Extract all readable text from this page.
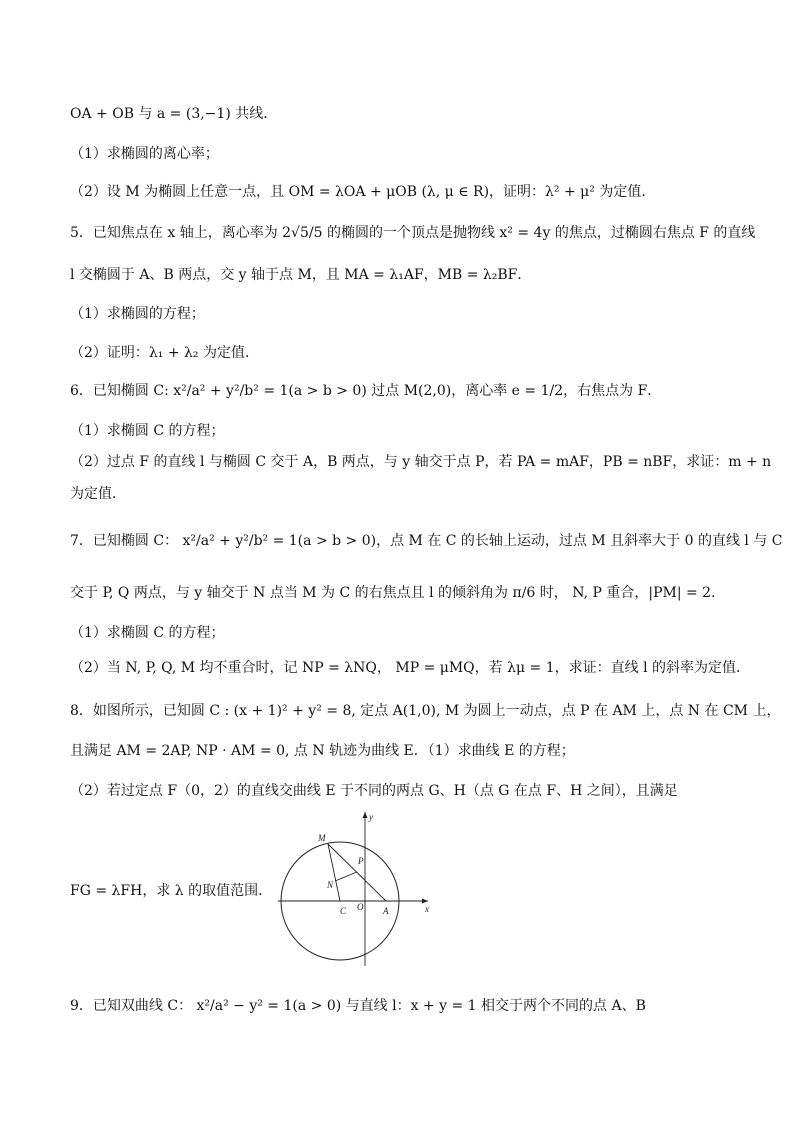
OA + OB 与 a = (3,−1) 共线．
（1）求椭圆的离心率；
（2）设 M 为椭圆上任意一点，且 OM = λOA + μOB (λ, μ ∈ R)，证明：λ² + μ² 为定值．
5．已知焦点在 x 轴上，离心率为 2√5/5 的椭圆的一个顶点是抛物线 x² = 4y 的焦点，过椭圆右焦点 F 的直线
l 交椭圆于 A、B 两点，交 y 轴于点 M，且 MA = λ₁AF，MB = λ₂BF．
（1）求椭圆的方程；
（2）证明：λ₁ + λ₂ 为定值．
6．已知椭圆 C: x²/a² + y²/b² = 1(a > b > 0) 过点 M(2,0)，离心率 e = 1/2，右焦点为 F．
（1）求椭圆 C 的方程；
（2）过点 F 的直线 l 与椭圆 C 交于 A，B 两点，与 y 轴交于点 P，若 PA = mAF，PB = nBF，求证：m + n
为定值．
7．已知椭圆 C： x²/a² + y²/b² = 1(a > b > 0)，点 M 在 C 的长轴上运动，过点 M 且斜率大于 0 的直线 l 与 C
交于 P, Q 两点，与 y 轴交于 N 点当 M 为 C 的右焦点且 l 的倾斜角为 π/6 时， N, P 重合，|PM| = 2．
（1）求椭圆 C 的方程；
（2）当 N, P, Q, M 均不重合时，记 NP = λNQ， MP = μMQ，若 λμ = 1，求证：直线 l 的斜率为定值．
8．如图所示，已知圆 C : (x + 1)² + y² = 8, 定点 A(1,0), M 为圆上一动点，点 P 在 AM 上，点 N 在 CM 上，
且满足 AM = 2AP, NP · AM = 0, 点 N 轨迹为曲线 E．（1）求曲线 E 的方程；
（2）若过定点 F（0，2）的直线交曲线 E 于不同的两点 G、H（点 G 在点 F、H 之间），且满足
FG = λFH，求 λ 的取值范围．
M
P
N
C O A	x
y
9．已知双曲线 C： x²/a² − y² = 1(a > 0) 与直线 l：x + y = 1 相交于两个不同的点 A、B
